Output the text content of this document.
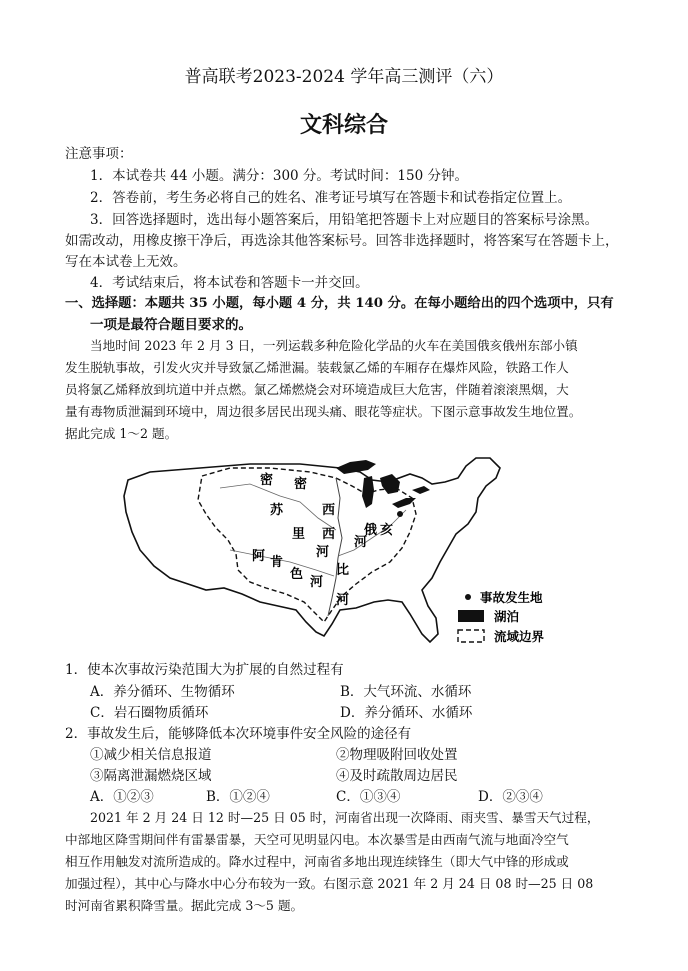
普高联考2023-2024 学年高三测评（六）
文科综合
注意事项：
1．本试卷共 44 小题。满分：300 分。考试时间：150 分钟。
2．答卷前，考生务必将自己的姓名、准考证号填写在答题卡和试卷指定位置上。
3．回答选择题时，选出每小题答案后，用铅笔把答题卡上对应题目的答案标号涂黑。
如需改动，用橡皮擦干净后，再选涂其他答案标号。回答非选择题时，将答案写在答题卡上，
写在本试卷上无效。
4．考试结束后，将本试卷和答题卡一并交回。
一、选择题：本题共 35 小题，每小题 4 分，共 140 分。在每小题给出的四个选项中，只有
一项是最符合题目要求的。
当地时间 2023 年 2 月 3 日，一列运载多种危险化学品的火车在美国俄亥俄州东部小镇
发生脱轨事故，引发火灾并导致氯乙烯泄漏。装载氯乙烯的车厢存在爆炸风险，铁路工作人
员将氯乙烯释放到坑道中并点燃。氯乙烯燃烧会对环境造成巨大危害，伴随着滚滚黑烟，大
量有毒物质泄漏到环境中，周边很多居民出现头痛、眼花等症状。下图示意事故发生地位置。
据此完成 1～2 题。
密
苏
里
河
密
西
西
比
河
阿 肯
色
河
俄 亥
河
事故发生地
湖泊
流域边界
1．使本次事故污染范围大为扩展的自然过程有
A．养分循环、生物循环	B．大气环流、水循环
C．岩石圈物质循环	D．养分循环、水循环
2．事故发生后，能够降低本次环境事件安全风险的途径有
①减少相关信息报道	②物理吸附回收处置
③隔离泄漏燃烧区域	④及时疏散周边居民
A．①②③	B．①②④	C．①③④	D．②③④
2021 年 2 月 24 日 12 时—25 日 05 时，河南省出现一次降雨、雨夹雪、暴雪天气过程，
中部地区降雪期间伴有雷暴雷暴，天空可见明显闪电。本次暴雪是由西南气流与地面冷空气
相互作用触发对流所造成的。降水过程中，河南省多地出现连续锋生（即大气中锋的形成或
加强过程），其中心与降水中心分布较为一致。右图示意 2021 年 2 月 24 日 08 时—25 日 08
时河南省累积降雪量。据此完成 3～5 题。
